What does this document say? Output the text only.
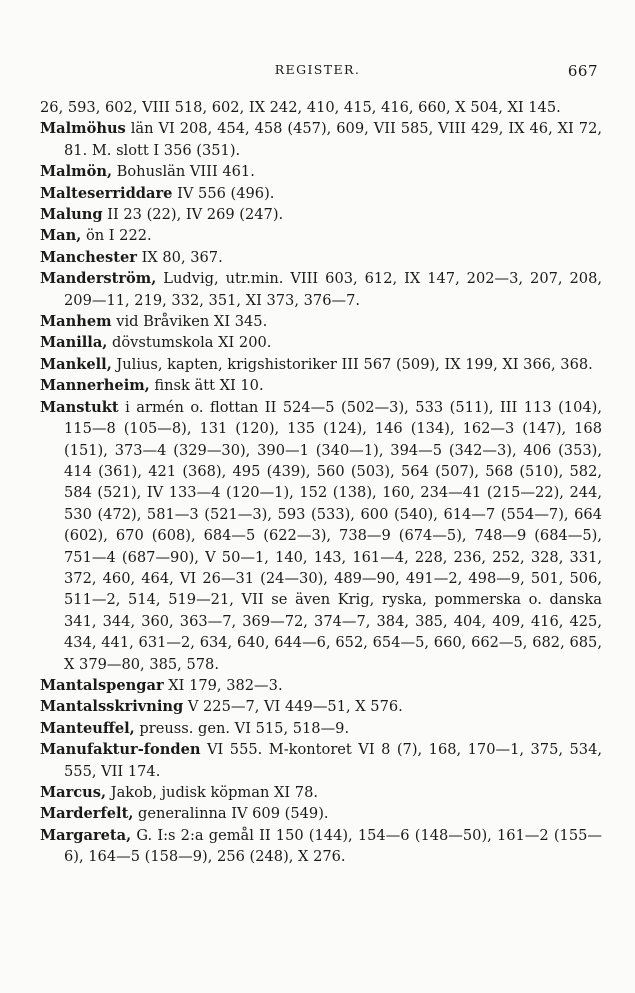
REGISTER.	667
26, 593, 602, VIII 518, 602, IX 242, 410, 415, 416, 660, X 504, XI 145.
Malmöhus län VI 208, 454, 458 (457), 609, VII 585, VIII 429, IX 46, XI 72, 81. M. slott I 356 (351).
Malmön, Bohuslän VIII 461.
Malteserriddare IV 556 (496).
Malung II 23 (22), IV 269 (247).
Man, ön I 222.
Manchester IX 80, 367.
Manderström, Ludvig, utr.min. VIII 603, 612, IX 147, 202—3, 207, 208, 209—11, 219, 332, 351, XI 373, 376—7.
Manhem vid Bråviken XI 345.
Manilla, dövstumskola XI 200.
Mankell, Julius, kapten, krigshistoriker III 567 (509), IX 199, XI 366, 368.
Mannerheim, finsk ätt XI 10.
Manstukt i armén o. flottan II 524—5 (502—3), 533 (511), III 113 (104), 115—8 (105—8), 131 (120), 135 (124), 146 (134), 162—3 (147), 168 (151), 373—4 (329—30), 390—1 (340—1), 394—5 (342—3), 406 (353), 414 (361), 421 (368), 495 (439), 560 (503), 564 (507), 568 (510), 582, 584 (521), IV 133—4 (120—1), 152 (138), 160, 234—41 (215—22), 244, 530 (472), 581—3 (521—3), 593 (533), 600 (540), 614—7 (554—7), 664 (602), 670 (608), 684—5 (622—3), 738—9 (674—5), 748—9 (684—5), 751—4 (687—90), V 50—1, 140, 143, 161—4, 228, 236, 252, 328, 331, 372, 460, 464, VI 26—31 (24—30), 489—90, 491—2, 498—9, 501, 506, 511—2, 514, 519—21, VII se även Krig, ryska, pommerska o. danska 341, 344, 360, 363—7, 369—72, 374—7, 384, 385, 404, 409, 416, 425, 434, 441, 631—2, 634, 640, 644—6, 652, 654—5, 660, 662—5, 682, 685, X 379—80, 385, 578.
Mantalspengar XI 179, 382—3.
Mantalsskrivning V 225—7, VI 449—51, X 576.
Manteuffel, preuss. gen. VI 515, 518—9.
Manufaktur-fonden VI 555. M-kontoret VI 8 (7), 168, 170—1, 375, 534, 555, VII 174.
Marcus, Jakob, judisk köpman XI 78.
Marderfelt, generalinna IV 609 (549).
Margareta, G. I:s 2:a gemål II 150 (144), 154—6 (148—50), 161—2 (155—6), 164—5 (158—9), 256 (248), X 276.
